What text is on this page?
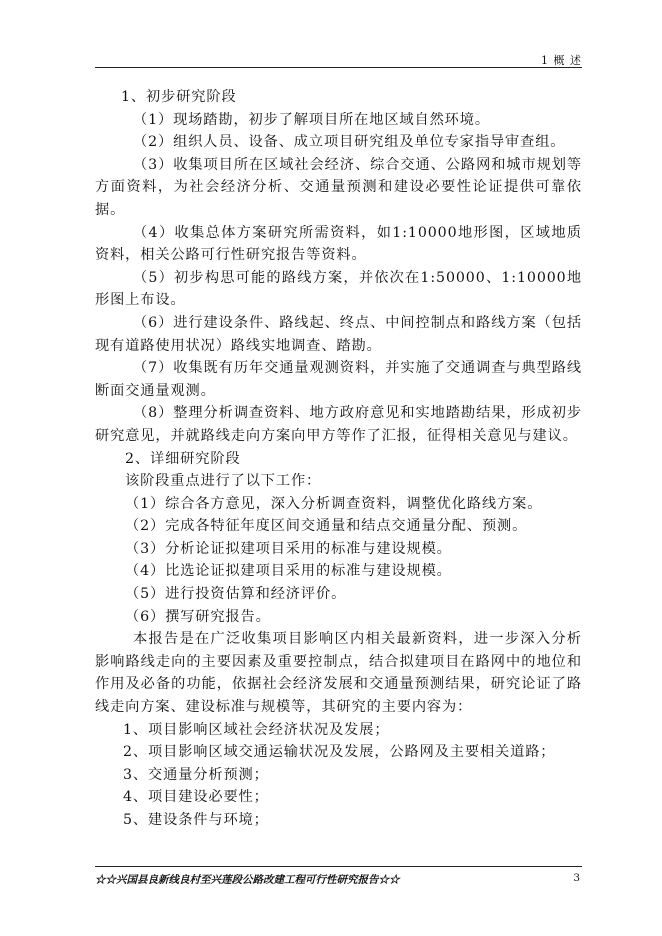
1 概 述

1、初步研究阶段

（1）现场踏勘，初步了解项目所在地区域自然环境。

（2）组织人员、设备、成立项目研究组及单位专家指导审查组。

（3）收集项目所在区域社会经济、综合交通、公路网和城市规划等方面资料，为社会经济分析、交通量预测和建设必要性论证提供可靠依据。

（4）收集总体方案研究所需资料，如1:10000地形图，区域地质资料，相关公路可行性研究报告等资料。

（5）初步构思可能的路线方案，并依次在1:50000、1:10000地形图上布设。

（6）进行建设条件、路线起、终点、中间控制点和路线方案（包括现有道路使用状况）路线实地调查、踏勘。

（7）收集既有历年交通量观测资料，并实施了交通调查与典型路线断面交通量观测。

（8）整理分析调查资料、地方政府意见和实地踏勘结果，形成初步研究意见，并就路线走向方案向甲方等作了汇报，征得相关意见与建议。

2、详细研究阶段

该阶段重点进行了以下工作：

（1）综合各方意见，深入分析调查资料，调整优化路线方案。

（2）完成各特征年度区间交通量和结点交通量分配、预测。

（3）分析论证拟建项目采用的标准与建设规模。

（4）比选论证拟建项目采用的标准与建设规模。

（5）进行投资估算和经济评价。

（6）撰写研究报告。

本报告是在广泛收集项目影响区内相关最新资料，进一步深入分析影响路线走向的主要因素及重要控制点，结合拟建项目在路网中的地位和作用及必备的功能，依据社会经济发展和交通量预测结果，研究论证了路线走向方案、建设标准与规模等，其研究的主要内容为：

1、项目影响区域社会经济状况及发展；

2、项目影响区域交通运输状况及发展，公路网及主要相关道路；

3、交通量分析预测；

4、项目建设必要性；

5、建设条件与环境；

☆☆兴国县良新线良村至兴莲段公路改建工程可行性研究报告☆☆	3
